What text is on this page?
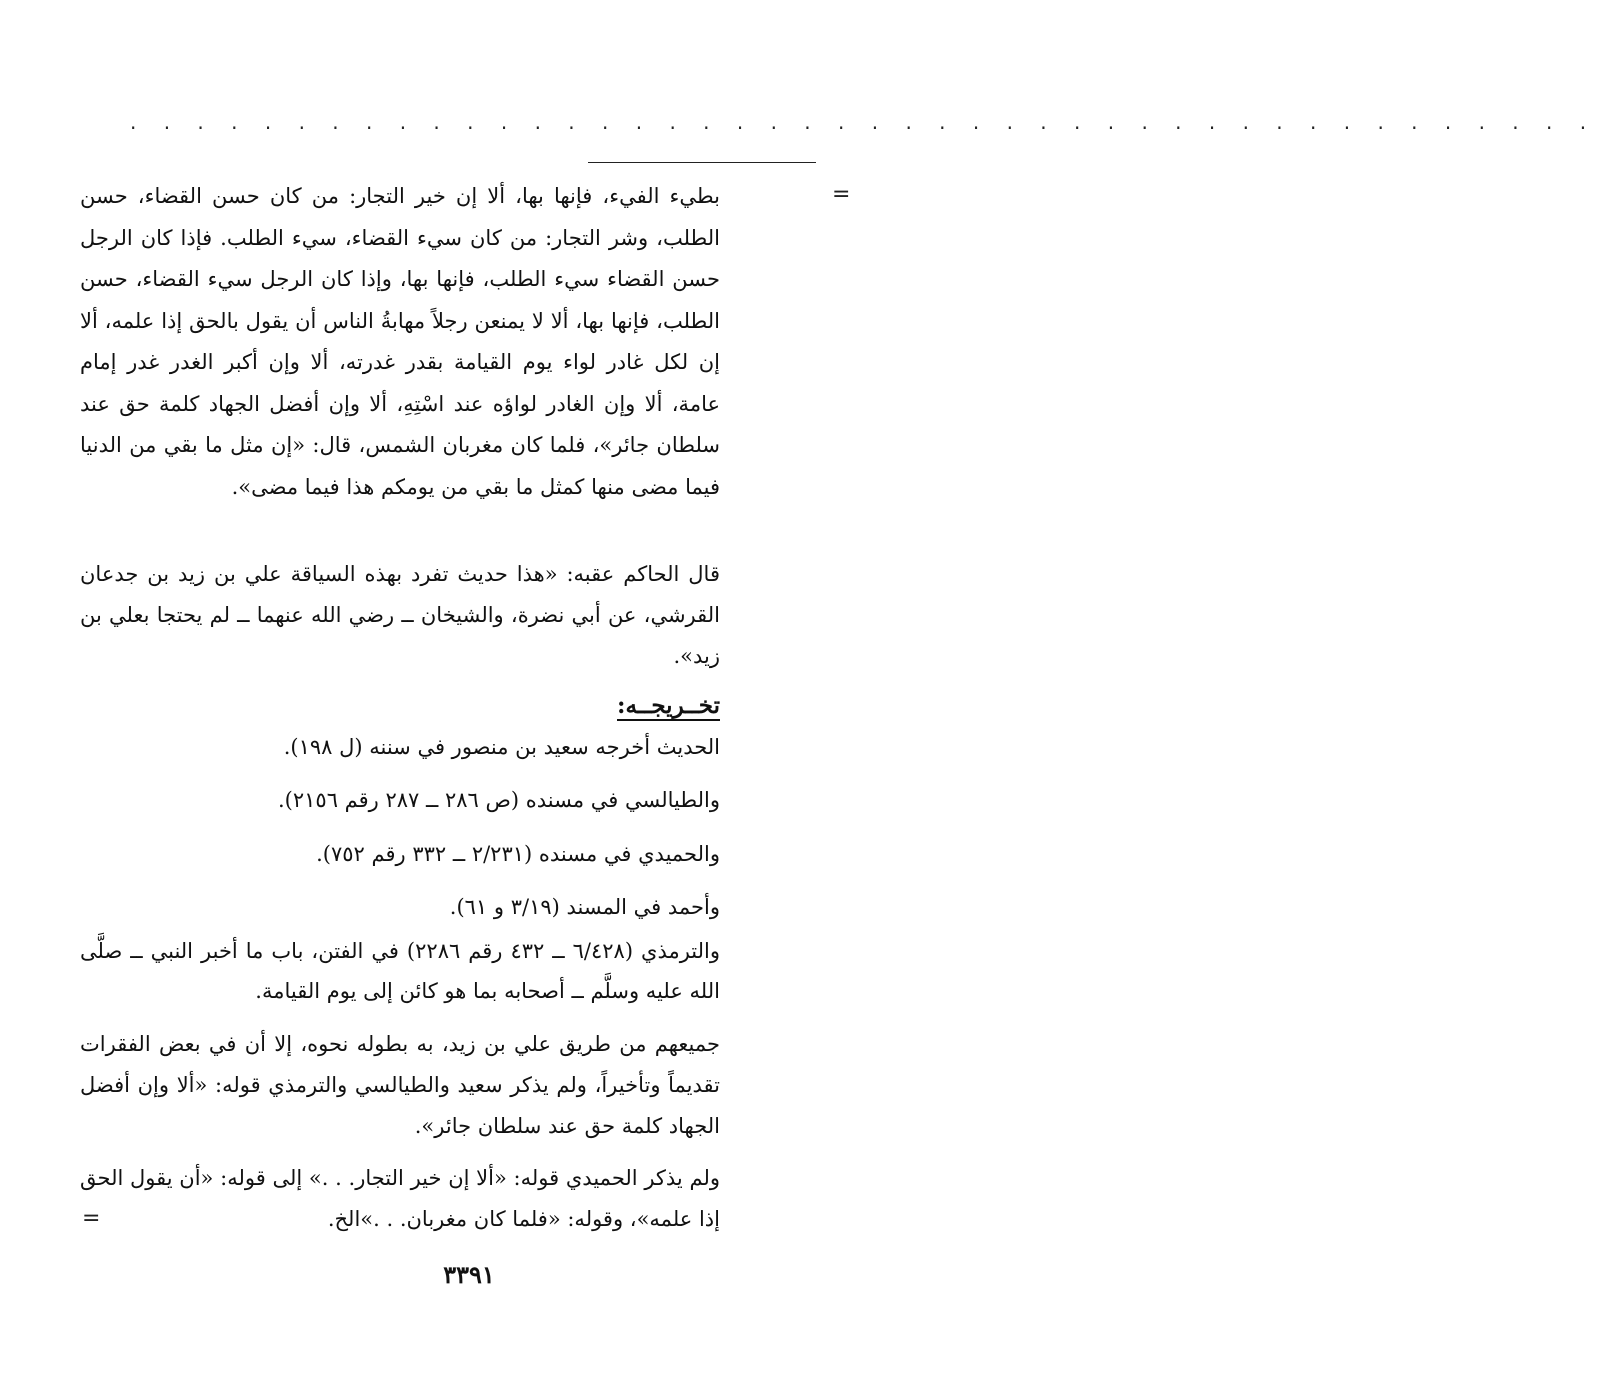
. . . . . . . . . . . . . . . . . . . . . . . . . . . . . . . . . . . . . . . . . . . .
=

بطيء الفيء، فإنها بها، ألا إن خير التجار: من كان حسن القضاء، حسن الطلب، وشر التجار: من كان سيء القضاء، سيء الطلب. فإذا كان الرجل حسن القضاء سيء الطلب، فإنها بها، وإذا كان الرجل سيء القضاء، حسن الطلب، فإنها بها، ألا لا يمنعن رجلاً مهابةُ الناس أن يقول بالحق إذا علمه، ألا إن لكل غادر لواء يوم القيامة بقدر غدرته، ألا وإن أكبر الغدر غدر إمام عامة، ألا وإن الغادر لواؤه عند اسْتِهِ، ألا وإن أفضل الجهاد كلمة حق عند سلطان جائر»، فلما كان مغربان الشمس، قال: «إن مثل ما بقي من الدنيا فيما مضى منها كمثل ما بقي من يومكم هذا فيما مضى».

قال الحاكم عقبه: «هذا حديث تفرد بهذه السياقة علي بن زيد بن جدعان القرشي، عن أبي نضرة، والشيخان ــ رضي الله عنهما ــ لم يحتجا بعلي بن زيد».

تخــريجــه:
الحديث أخرجه سعيد بن منصور في سننه (ل ١٩٨).
والطيالسي في مسنده (ص ٢٨٦ ــ ٢٨٧ رقم ٢١٥٦).
والحميدي في مسنده (٢/٢٣١ ــ ٣٣٢ رقم ٧٥٢).
وأحمد في المسند (٣/١٩ و ٦١).

والترمذي (٦/٤٢٨ ــ ٤٣٢ رقم ٢٢٨٦) في الفتن، باب ما أخبر النبي ــ صلَّى الله عليه وسلَّم ــ أصحابه بما هو كائن إلى يوم القيامة.

جميعهم من طريق علي بن زيد، به بطوله نحوه، إلا أن في بعض الفقرات تقديماً وتأخيراً، ولم يذكر سعيد والطيالسي والترمذي قوله: «ألا وإن أفضل الجهاد كلمة حق عند سلطان جائر».

ولم يذكر الحميدي قوله: «ألا إن خير التجار. . .» إلى قوله: «أن يقول الحق إذا علمه»، وقوله: «فلما كان مغربان. . .»الخ.

=
٣٣٩١
